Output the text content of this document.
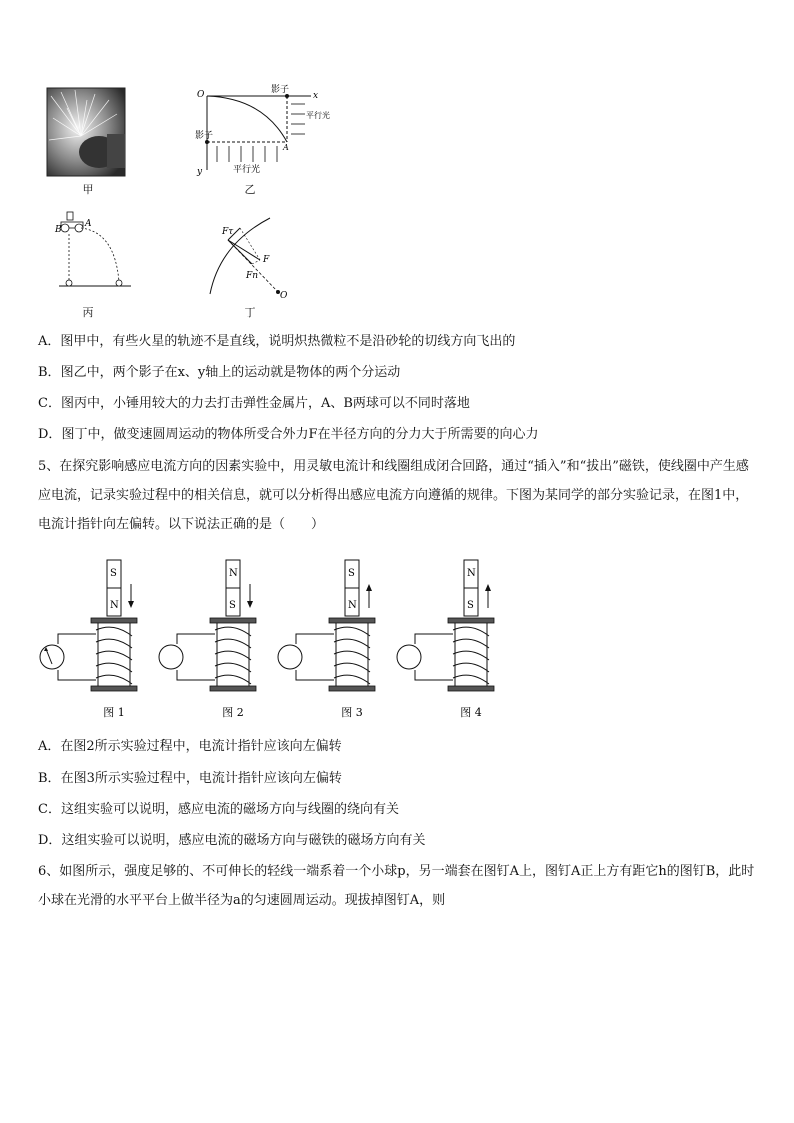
甲
O	影子
x
影子
y	平行光
平行光
A
乙
B
A
丙
Fτ
F
Fn
O
丁
A．图甲中，有些火星的轨迹不是直线，说明炽热微粒不是沿砂轮的切线方向飞出的
B．图乙中，两个影子在x、y轴上的运动就是物体的两个分运动
C．图丙中，小锤用较大的力去打击弹性金属片，A、B两球可以不同时落地
D．图丁中，做变速圆周运动的物体所受合外力F在半径方向的分力大于所需要的向心力
5、在探究影响感应电流方向的因素实验中，用灵敏电流计和线圈组成闭合回路，通过“插入”和“拔出”磁铁，使线圈中产生感应电流，记录实验过程中的相关信息，就可以分析得出感应电流方向遵循的规律。下图为某同学的部分实验记录，在图1中，电流计指针向左偏转。以下说法正确的是（　　）
S
N
图 1
N
S
图 2
S
N
图 3
N
S
图 4
A．在图2所示实验过程中，电流计指针应该向左偏转
B．在图3所示实验过程中，电流计指针应该向左偏转
C．这组实验可以说明，感应电流的磁场方向与线圈的绕向有关
D．这组实验可以说明，感应电流的磁场方向与磁铁的磁场方向有关
6、如图所示，强度足够的、不可伸长的轻线一端系着一个小球p，另一端套在图钉A上，图钉A正上方有距它h的图钉B，此时小球在光滑的水平平台上做半径为a的匀速圆周运动。现拔掉图钉A，则
